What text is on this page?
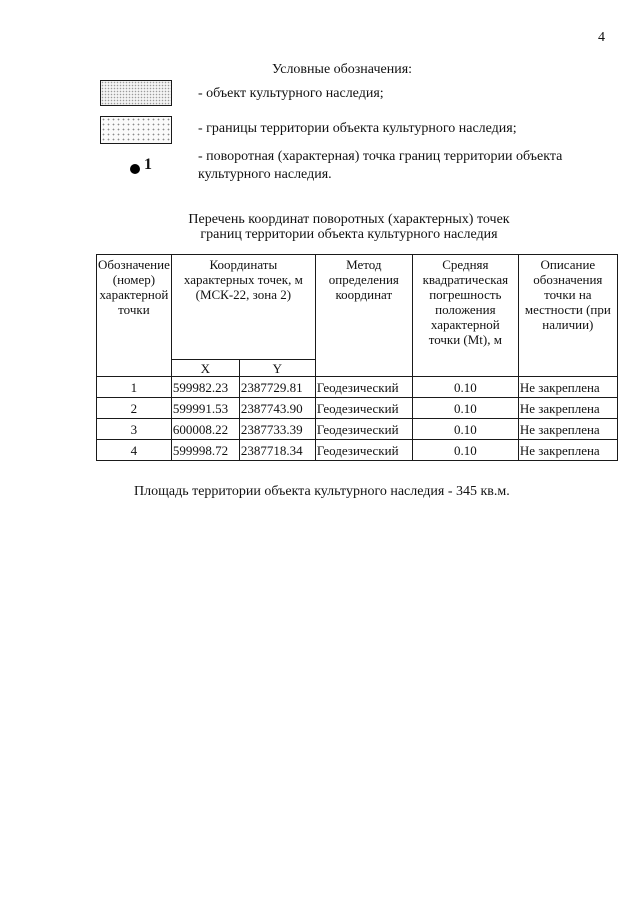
4
Условные обозначения:
- объект культурного наследия;
- границы территории объекта культурного наследия;
1	- поворотная (характерная) точка границ территории объекта культурного наследия.
Перечень координат поворотных (характерных) точек
границ территории объекта культурного наследия
Обозначение (номер) характерной точки	Координаты характерных точек, м (МСК-22, зона 2)		Метод определения координат	Средняя квадратическая погрешность положения характерной точки (Mt), м	Описание обозначения точки на местности (при наличии)
	X	Y			
1	599982.23	2387729.81	Геодезический	0.10	Не закреплена
2	599991.53	2387743.90	Геодезический	0.10	Не закреплена
3	600008.22	2387733.39	Геодезический	0.10	Не закреплена
4	599998.72	2387718.34	Геодезический	0.10	Не закреплена
Площадь территории объекта культурного наследия - 345 кв.м.
